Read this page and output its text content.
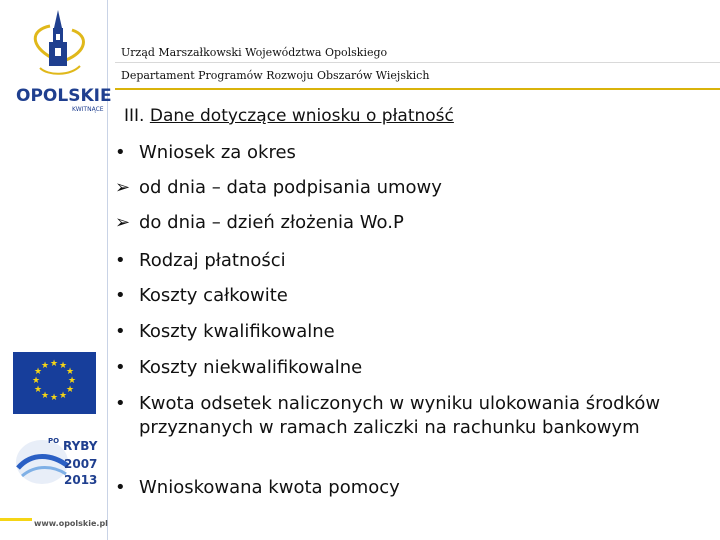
OPOLSKIE
KWITNĄCE
★ ★
★
★
★
★
★
★
★
★
★
★
PO RYBY
2007
2013
www.opolskie.pl
Urząd Marszałkowski Województwa Opolskiego
Departament Programów Rozwoju Obszarów Wiejskich
III. Dane dotyczące wniosku o płatność
• Wniosek za okres
➢ od dnia – data podpisania umowy
➢ do dnia – dzień złożenia Wo.P
• Rodzaj płatności
• Koszty całkowite
• Koszty kwalifikowalne
• Koszty niekwalifikowalne
• Kwota odsetek naliczonych w wyniku ulokowania środków przyznanych w ramach zaliczki na rachunku bankowym
• Wnioskowana kwota pomocy
